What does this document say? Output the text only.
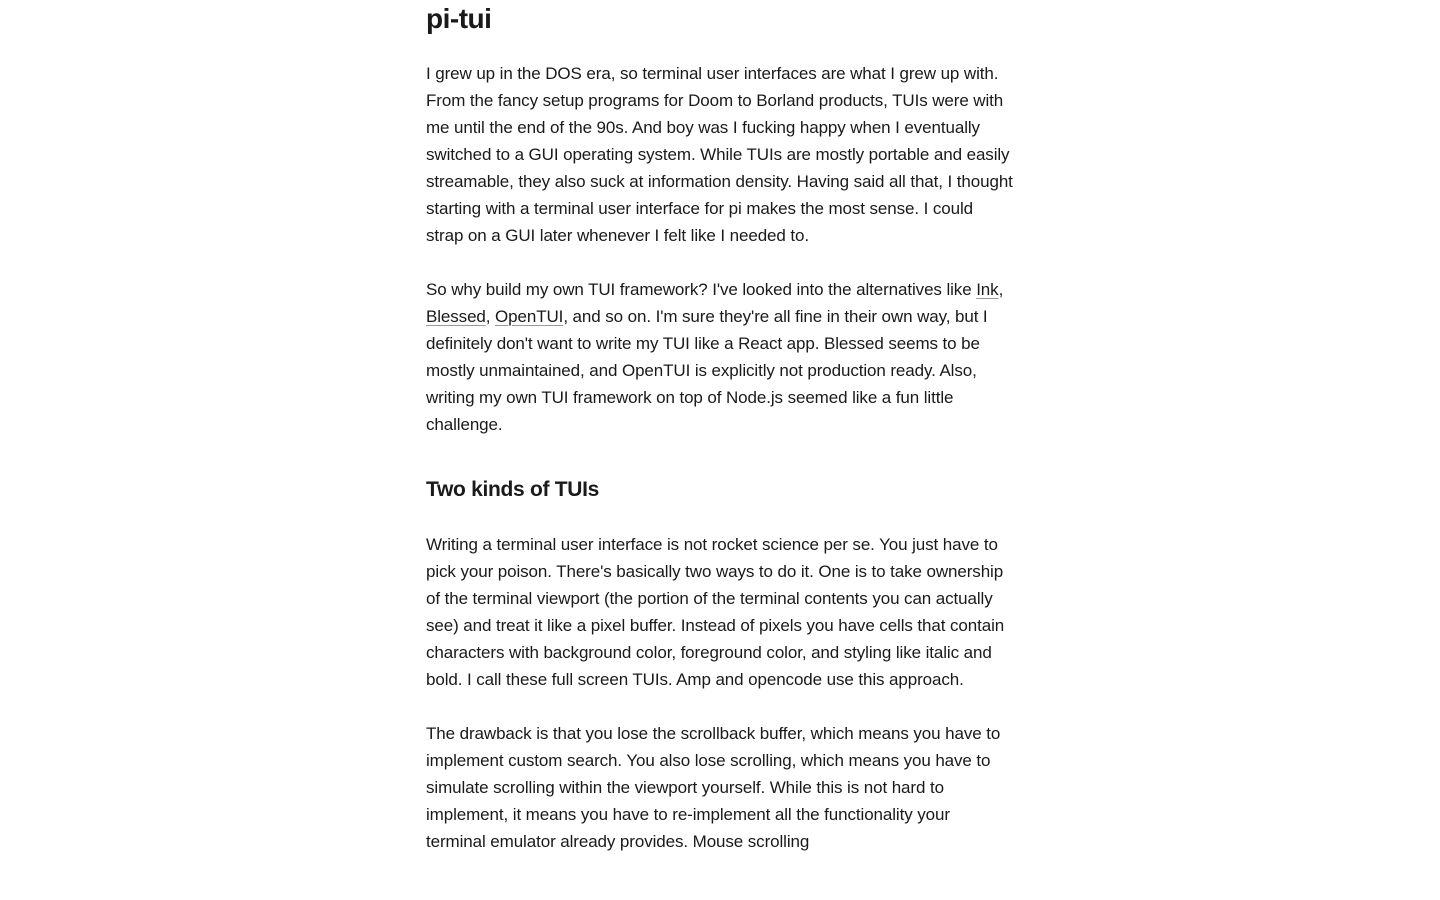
pi-tui

I grew up in the DOS era, so terminal user interfaces are what I grew up with. From the fancy setup programs for Doom to Borland products, TUIs were with me until the end of the 90s. And boy was I fucking happy when I eventually switched to a GUI operating system. While TUIs are mostly portable and easily streamable, they also suck at information density. Having said all that, I thought starting with a terminal user interface for pi makes the most sense. I could strap on a GUI later whenever I felt like I needed to.

So why build my own TUI framework? I've looked into the alternatives like Ink, Blessed, OpenTUI, and so on. I'm sure they're all fine in their own way, but I definitely don't want to write my TUI like a React app. Blessed seems to be mostly unmaintained, and OpenTUI is explicitly not production ready. Also, writing my own TUI framework on top of Node.js seemed like a fun little challenge.

Two kinds of TUIs

Writing a terminal user interface is not rocket science per se. You just have to pick your poison. There's basically two ways to do it. One is to take ownership of the terminal viewport (the portion of the terminal contents you can actually see) and treat it like a pixel buffer. Instead of pixels you have cells that contain characters with background color, foreground color, and styling like italic and bold. I call these full screen TUIs. Amp and opencode use this approach.

The drawback is that you lose the scrollback buffer, which means you have to implement custom search. You also lose scrolling, which means you have to simulate scrolling within the viewport yourself. While this is not hard to implement, it means you have to re-implement all the functionality your terminal emulator already provides. Mouse scrolling
